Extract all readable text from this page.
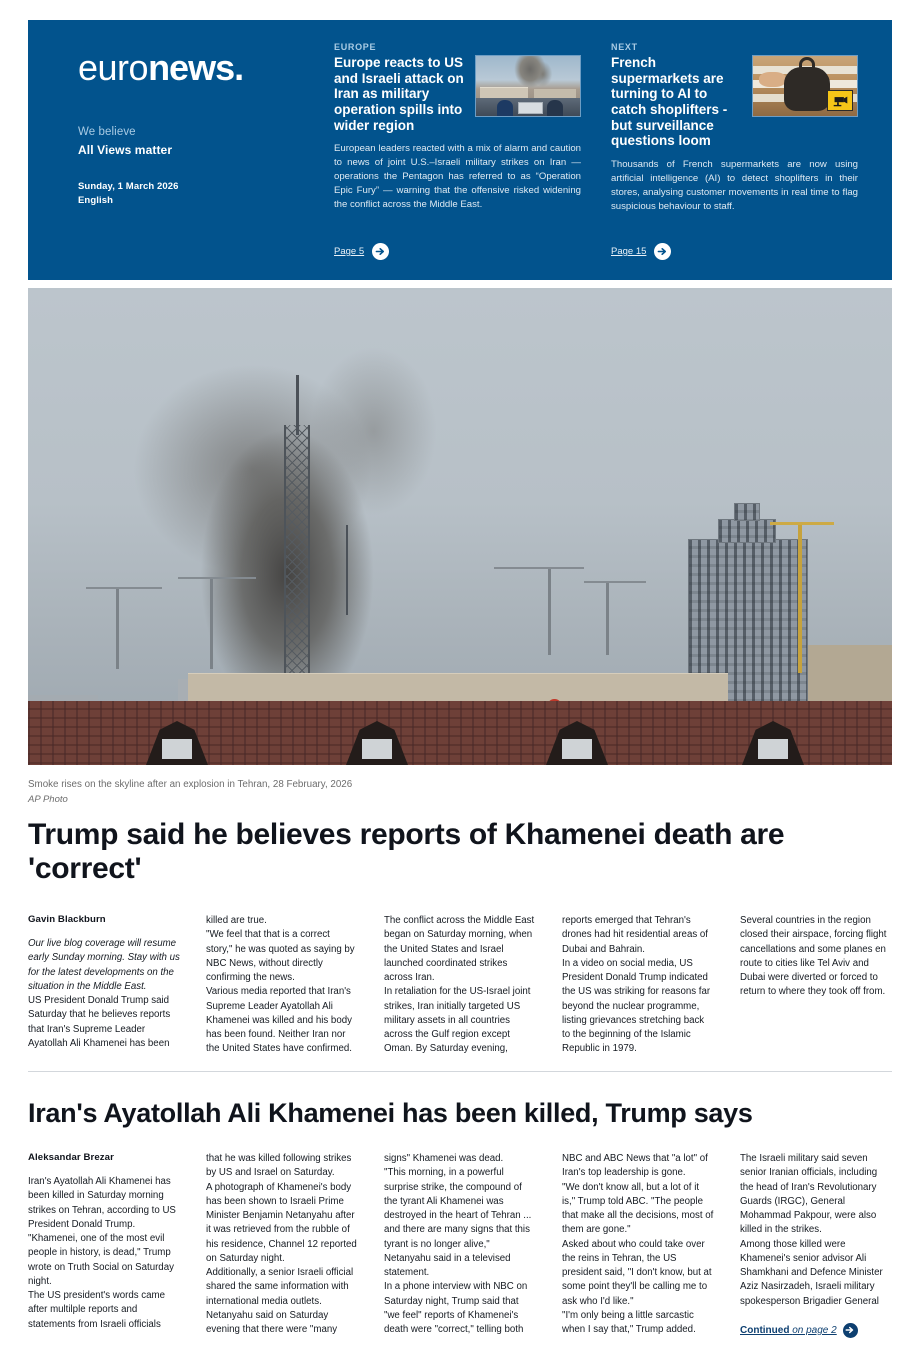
euronews.
We believe
All Views matter
Sunday, 1 March 2026
English
EUROPE
Europe reacts to US and Israeli attack on Iran as military operation spills into wider region
European leaders reacted with a mix of alarm and caution to news of joint U.S.–Israeli military strikes on Iran — operations the Pentagon has referred to as “Operation Epic Fury” — warning that the offensive risked widening the conflict across the Middle East.
Page 5
NEXT
French supermarkets are turning to AI to catch shoplifters - but surveillance questions loom
Thousands of French supermarkets are now using artificial intelligence (AI) to detect shoplifters in their stores, analysing customer movements in real time to flag suspicious behaviour to staff.
Page 15
Smoke rises on the skyline after an explosion in Tehran, 28 February, 2026
AP Photo
Trump said he believes reports of Khamenei death are 'correct'
Gavin Blackburn

Our live blog coverage will resume early Sunday morning. Stay with us for the latest developments on the situation in the Middle East.

US President Donald Trump said Saturday that he believes reports that Iran's Supreme Leader Ayatollah Ali Khamenei has been

killed are true.

"We feel that that is a correct story," he was quoted as saying by NBC News, without directly confirming the news.

Various media reported that Iran's Supreme Leader Ayatollah Ali Khamenei was killed and his body has been found. Neither Iran nor the United States have confirmed.

The conflict across the Middle East began on Saturday morning, when the United States and Israel launched coordinated strikes across Iran.

In retaliation for the US-Israel joint strikes, Iran initially targeted US military assets in all countries across the Gulf region except Oman. By Saturday evening,

reports emerged that Tehran's drones had hit residential areas of Dubai and Bahrain.

In a video on social media, US President Donald Trump indicated the US was striking for reasons far beyond the nuclear programme, listing grievances stretching back to the beginning of the Islamic Republic in 1979.

Several countries in the region closed their airspace, forcing flight cancellations and some planes en route to cities like Tel Aviv and Dubai were diverted or forced to return to where they took off from.

Iran's Ayatollah Ali Khamenei has been killed, Trump says
Aleksandar Brezar

Iran's Ayatollah Ali Khamenei has been killed in Saturday morning strikes on Tehran, according to US President Donald Trump.

"Khamenei, one of the most evil people in history, is dead," Trump wrote on Truth Social on Saturday night.

The US president's words came after multilple reports and statements from Israeli officials

that he was killed following strikes by US and Israel on Saturday.

A photograph of Khamenei's body has been shown to Israeli Prime Minister Benjamin Netanyahu after it was retrieved from the rubble of his residence, Channel 12 reported on Saturday night.

Additionally, a senior Israeli official shared the same information with international media outlets.

Netanyahu said on Saturday evening that there were "many

signs" Khamenei was dead.

"This morning, in a powerful surprise strike, the compound of the tyrant Ali Khamenei was destroyed in the heart of Tehran ... and there are many signs that this tyrant is no longer alive," Netanyahu said in a televised statement.

In a phone interview with NBC on Saturday night, Trump said that "we feel" reports of Khamenei's death were "correct," telling both

NBC and ABC News that "a lot" of Iran's top leadership is gone.

"We don't know all, but a lot of it is," Trump told ABC. "The people that make all the decisions, most of them are gone."

Asked about who could take over the reins in Tehran, the US president said, "I don't know, but at some point they'll be calling me to ask who I'd like."

"I'm only being a little sarcastic when I say that," Trump added.

The Israeli military said seven senior Iranian officials, including the head of Iran's Revolutionary Guards (IRGC), General Mohammad Pakpour, were also killed in the strikes.

Among those killed were Khamenei's senior advisor Ali Shamkhani and Defence Minister Aziz Nasirzadeh, Israeli military spokesperson Brigadier General

Continued on page 2
